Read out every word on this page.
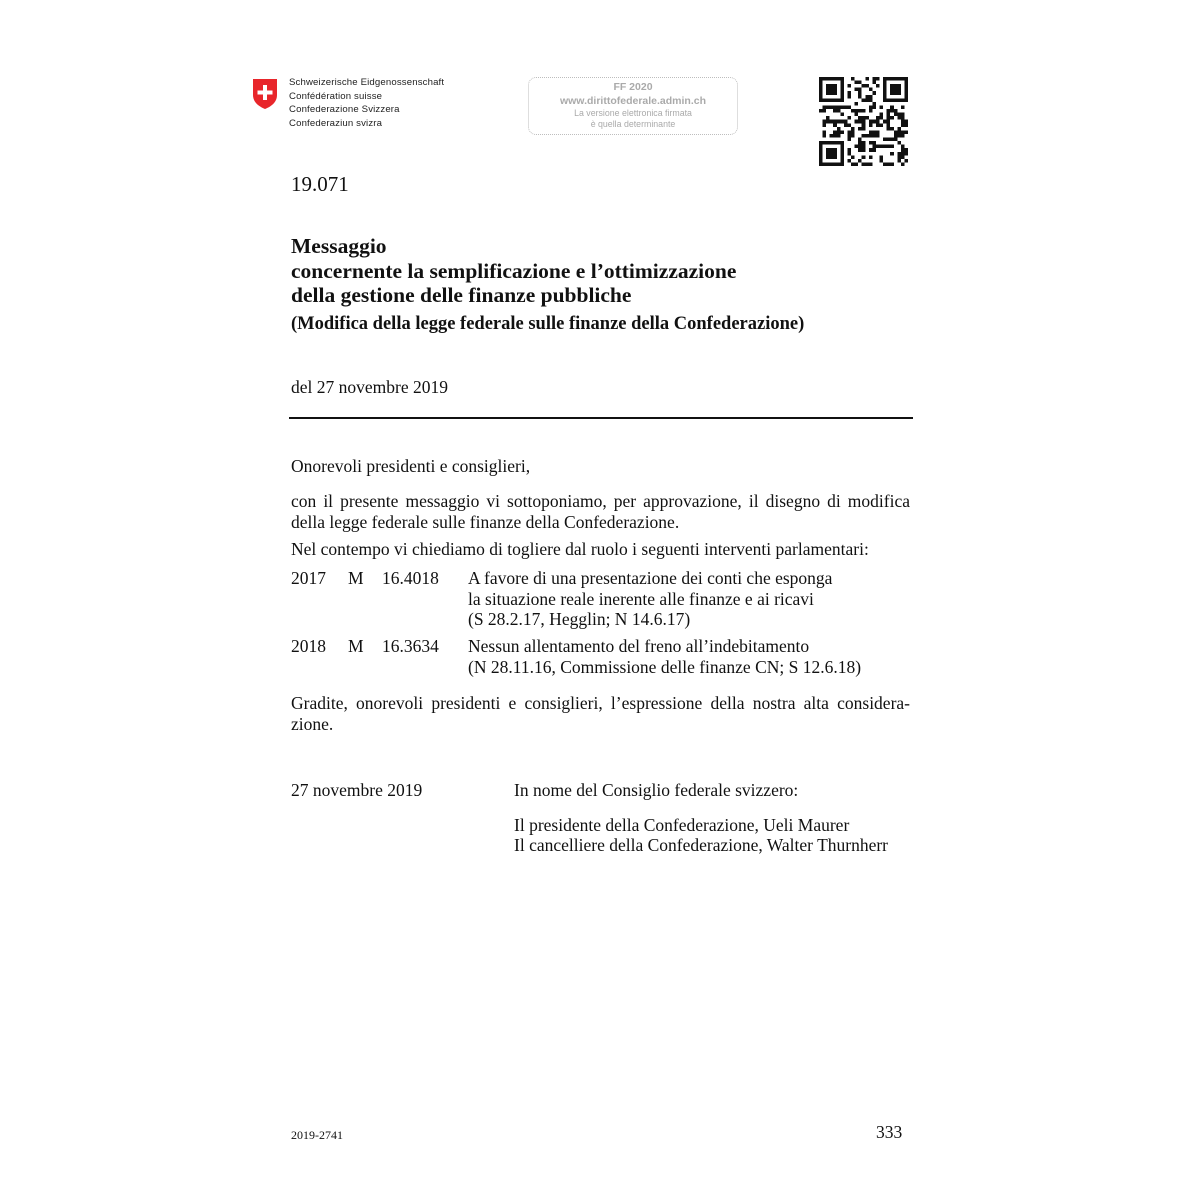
Schweizerische Eidgenossenschaft
Confédération suisse
Confederazione Svizzera
Confederaziun svizra
FF 2020
www.dirittofederale.admin.ch
La versione elettronica firmata
è quella determinante
19.071
Messaggio
concernente la semplificazione e l’ottimizzazione
della gestione delle finanze pubbliche
(Modifica della legge federale sulle finanze della Confederazione)
del 27 novembre 2019
Onorevoli presidenti e consiglieri,
con il presente messaggio vi sottoponiamo, per approvazione, il disegno di modifica
della legge federale sulle finanze della Confederazione.
Nel contempo vi chiediamo di togliere dal ruolo i seguenti interventi parlamentari:
2017 M 16.4018 A favore di una presentazione dei conti che esponga
la situazione reale inerente alle finanze e ai ricavi
(S 28.2.17, Hegglin; N 14.6.17)
2018 M 16.3634 Nessun allentamento del freno all’indebitamento
(N 28.11.16, Commissione delle finanze CN; S 12.6.18)
Gradite, onorevoli presidenti e consiglieri, l’espressione della nostra alta considera-
zione.
27 novembre 2019	In nome del Consiglio federale svizzero:
Il presidente della Confederazione, Ueli Maurer
Il cancelliere della Confederazione, Walter Thurnherr
2019-2741	333
